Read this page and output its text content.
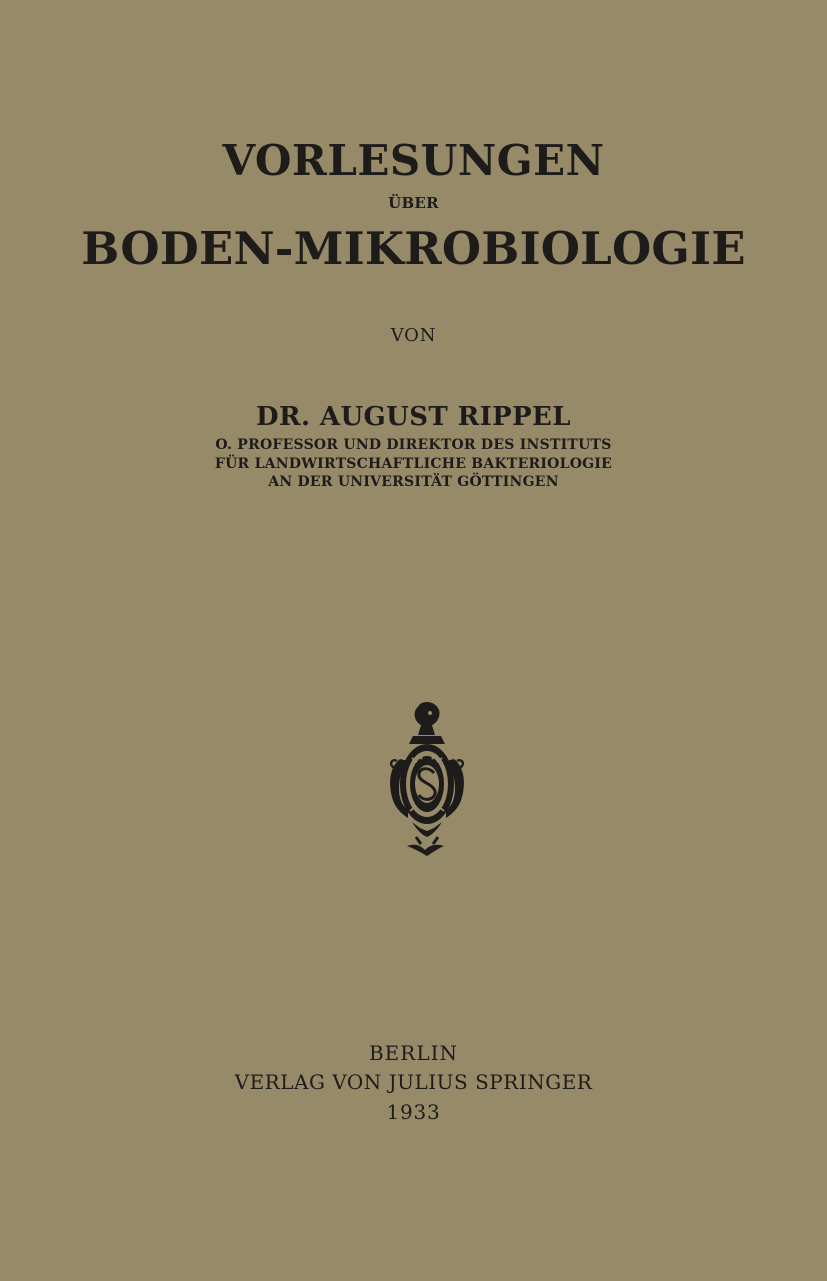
VORLESUNGEN
ÜBER
BODEN-MIKROBIOLOGIE
VON
DR. AUGUST RIPPEL
O. PROFESSOR UND DIREKTOR DES INSTITUTS
FÜR LANDWIRTSCHAFTLICHE BAKTERIOLOGIE
AN DER UNIVERSITÄT GÖTTINGEN
BERLIN
VERLAG VON JULIUS SPRINGER
1933
